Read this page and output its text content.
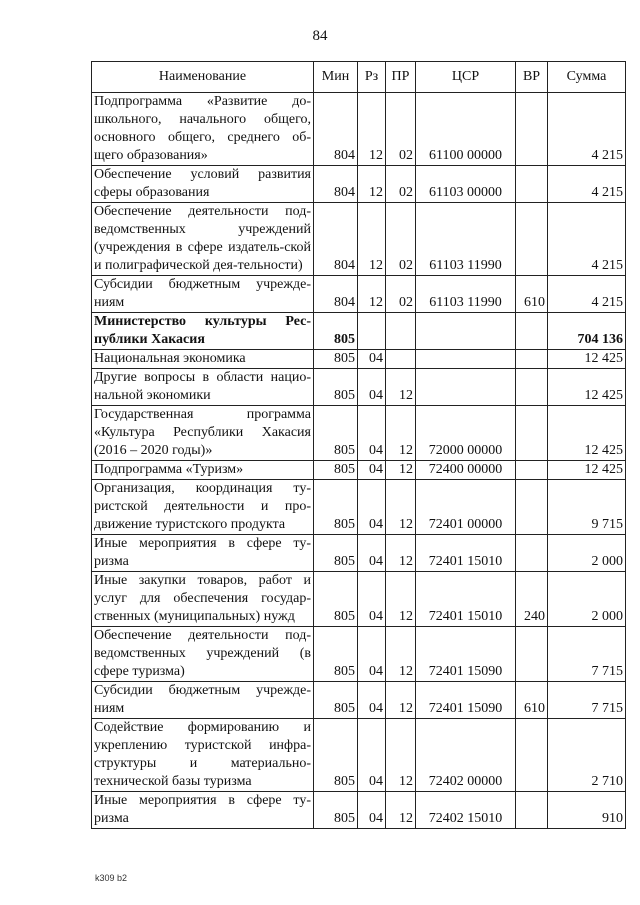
84
Наименование	Мин	Рз	ПР	ЦСР	ВР	Сумма
Подпрограмма «Развитие до-школьного, начального общего, основного общего, среднего об-щего образования»	804	12	02	61100 00000		4 215
Обеспечение условий развития сферы образования	804	12	02	61103 00000		4 215
Обеспечение деятельности под-ведомственных учреждений (учреждения в сфере издатель-ской и полиграфической дея-тельности)	804	12	02	61103 11990		4 215
Субсидии бюджетным учрежде-ниям	804	12	02	61103 11990	610	4 215
Министерство культуры Рес-публики Хакасия	805					704 136
Национальная экономика	805	04				12 425
Другие вопросы в области нацио-нальной экономики	805	04	12			12 425
Государственная программа «Культура Республики Хакасия (2016 – 2020 годы)»	805	04	12	72000 00000		12 425
Подпрограмма «Туризм»	805	04	12	72400 00000		12 425
Организация, координация ту-ристской деятельности и про-движение туристского продукта	805	04	12	72401 00000		9 715
Иные мероприятия в сфере ту-ризма	805	04	12	72401 15010		2 000
Иные закупки товаров, работ и услуг для обеспечения государ-ственных (муниципальных) нужд	805	04	12	72401 15010	240	2 000
Обеспечение деятельности под-ведомственных учреждений (в сфере туризма)	805	04	12	72401 15090		7 715
Субсидии бюджетным учрежде-ниям	805	04	12	72401 15090	610	7 715
Содействие формированию и укреплению туристской инфра-структуры и материально-технической базы туризма	805	04	12	72402 00000		2 710
Иные мероприятия в сфере ту-ризма	805	04	12	72402 15010		910
k309 b2
